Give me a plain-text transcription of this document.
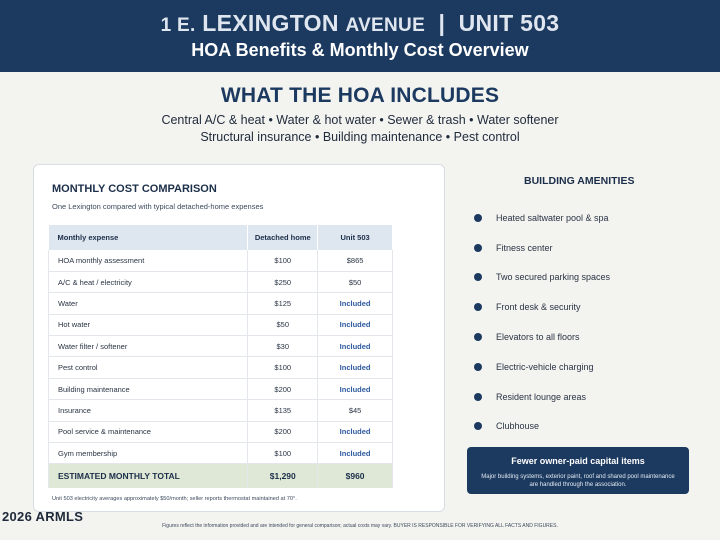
1 E. LEXINGTON AVENUE | UNIT 503
HOA Benefits & Monthly Cost Overview
WHAT THE HOA INCLUDES
Central A/C & heat • Water & hot water • Sewer & trash • Water softener
Structural insurance • Building maintenance • Pest control
MONTHLY COST COMPARISON
One Lexington compared with typical detached-home expenses
Monthly expense	Detached home	Unit 503
HOA monthly assessment	$100	$865
A/C & heat / electricity	$250	$50
Water	$125	Included
Hot water	$50	Included
Water filter / softener	$30	Included
Pest control	$100	Included
Building maintenance	$200	Included
Insurance	$135	$45
Pool service & maintenance	$200	Included
Gym membership	$100	Included
ESTIMATED MONTHLY TOTAL	$1,290	$960
Unit 503 electricity averages approximately $50/month; seller reports thermostat maintained at 70°.
BUILDING AMENITIES
Heated saltwater pool & spa
Fitness center
Two secured parking spaces
Front desk & security
Elevators to all floors
Electric-vehicle charging
Resident lounge areas
Clubhouse
Fewer owner-paid capital items
Major building systems, exterior paint, roof and shared pool maintenance are handled through the association.
2026 ARMLS
Figures reflect the information provided and are intended for general comparison; actual costs may vary. BUYER IS RESPONSIBLE FOR VERIFYING ALL FACTS AND FIGURES.
